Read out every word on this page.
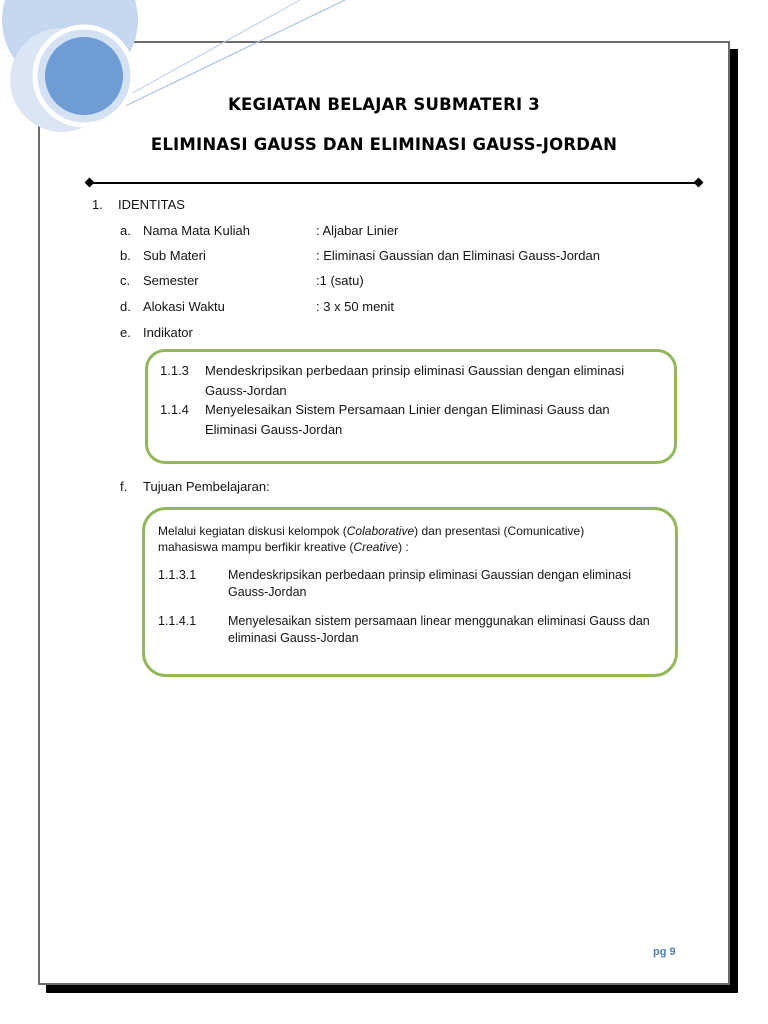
KEGIATAN BELAJAR SUBMATERI 3
ELIMINASI GAUSS DAN ELIMINASI GAUSS-JORDAN
1. IDENTITAS
a. Nama Mata Kuliah	: Aljabar Linier
b. Sub Materi	: Eliminasi Gaussian dan Eliminasi Gauss-Jordan
c. Semester	:1 (satu)
d. Alokasi Waktu	: 3 x 50 menit
e. Indikator
1.1.3	Mendeskripsikan perbedaan prinsip eliminasi Gaussian dengan eliminasi Gauss-Jordan
1.1.4	Menyelesaikan Sistem Persamaan Linier dengan Eliminasi Gauss dan Eliminasi Gauss-Jordan
f. Tujuan Pembelajaran:

Melalui kegiatan diskusi kelompok (Colaborative) dan presentasi (Comunicative) mahasiswa mampu berfikir kreative (Creative) :

1.1.3.1	Mendeskripsikan perbedaan prinsip eliminasi Gaussian dengan eliminasi Gauss-Jordan
1.1.4.1	Menyelesaikan sistem persamaan linear menggunakan eliminasi Gauss dan eliminasi Gauss-Jordan
pg 9
